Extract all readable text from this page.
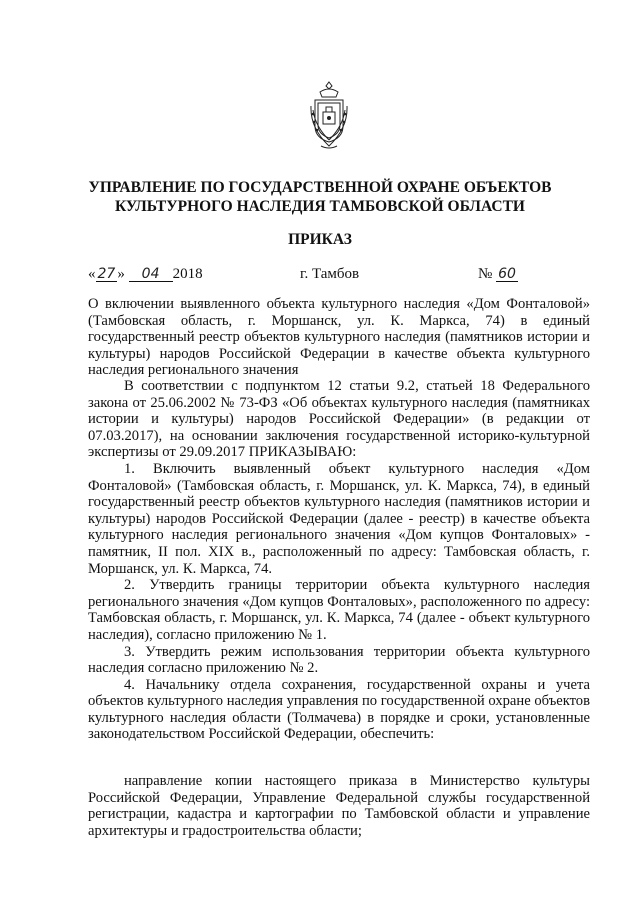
УПРАВЛЕНИЕ ПО ГОСУДАРСТВЕННОЙ ОХРАНЕ ОБЪЕКТОВ
КУЛЬТУРНОГО НАСЛЕДИЯ ТАМБОВСКОЙ ОБЛАСТИ
ПРИКАЗ
« 27 » 04 2018	г. Тамбов	№ 60

О включении выявленного объекта культурного наследия «Дом Фонталовой» (Тамбовская область, г. Моршанск, ул. К. Маркса, 74) в единый государственный реестр объектов культурного наследия (памятников истории и культуры) народов Российской Федерации в качестве объекта культурного наследия регионального значения

В соответствии с подпунктом 12 статьи 9.2, статьей 18 Федерального закона от 25.06.2002 № 73-ФЗ «Об объектах культурного наследия (памятниках истории и культуры) народов Российской Федерации» (в редакции от 07.03.2017), на основании заключения государственной историко-культурной экспертизы от 29.09.2017 ПРИКАЗЫВАЮ:

1. Включить выявленный объект культурного наследия «Дом Фонталовой» (Тамбовская область, г. Моршанск, ул. К. Маркса, 74), в единый государственный реестр объектов культурного наследия (памятников истории и культуры) народов Российской Федерации (далее - реестр) в качестве объекта культурного наследия регионального значения «Дом купцов Фонталовых» - памятник, II пол. XIX в., расположенный по адресу: Тамбовская область, г. Моршанск, ул. К. Маркса, 74.

2. Утвердить границы территории объекта культурного наследия регионального значения «Дом купцов Фонталовых», расположенного по адресу: Тамбовская область, г. Моршанск, ул. К. Маркса, 74 (далее - объект культурного наследия), согласно приложению № 1.

3. Утвердить режим использования территории объекта культурного наследия согласно приложению № 2.

4. Начальнику отдела сохранения, государственной охраны и учета объектов культурного наследия управления по государственной охране объектов культурного наследия области (Толмачева) в порядке и сроки, установленные законодательством Российской Федерации, обеспечить:

направление копии настоящего приказа в Министерство культуры Российской Федерации, Управление Федеральной службы государственной регистрации, кадастра и картографии по Тамбовской области и управление архитектуры и градостроительства области;
